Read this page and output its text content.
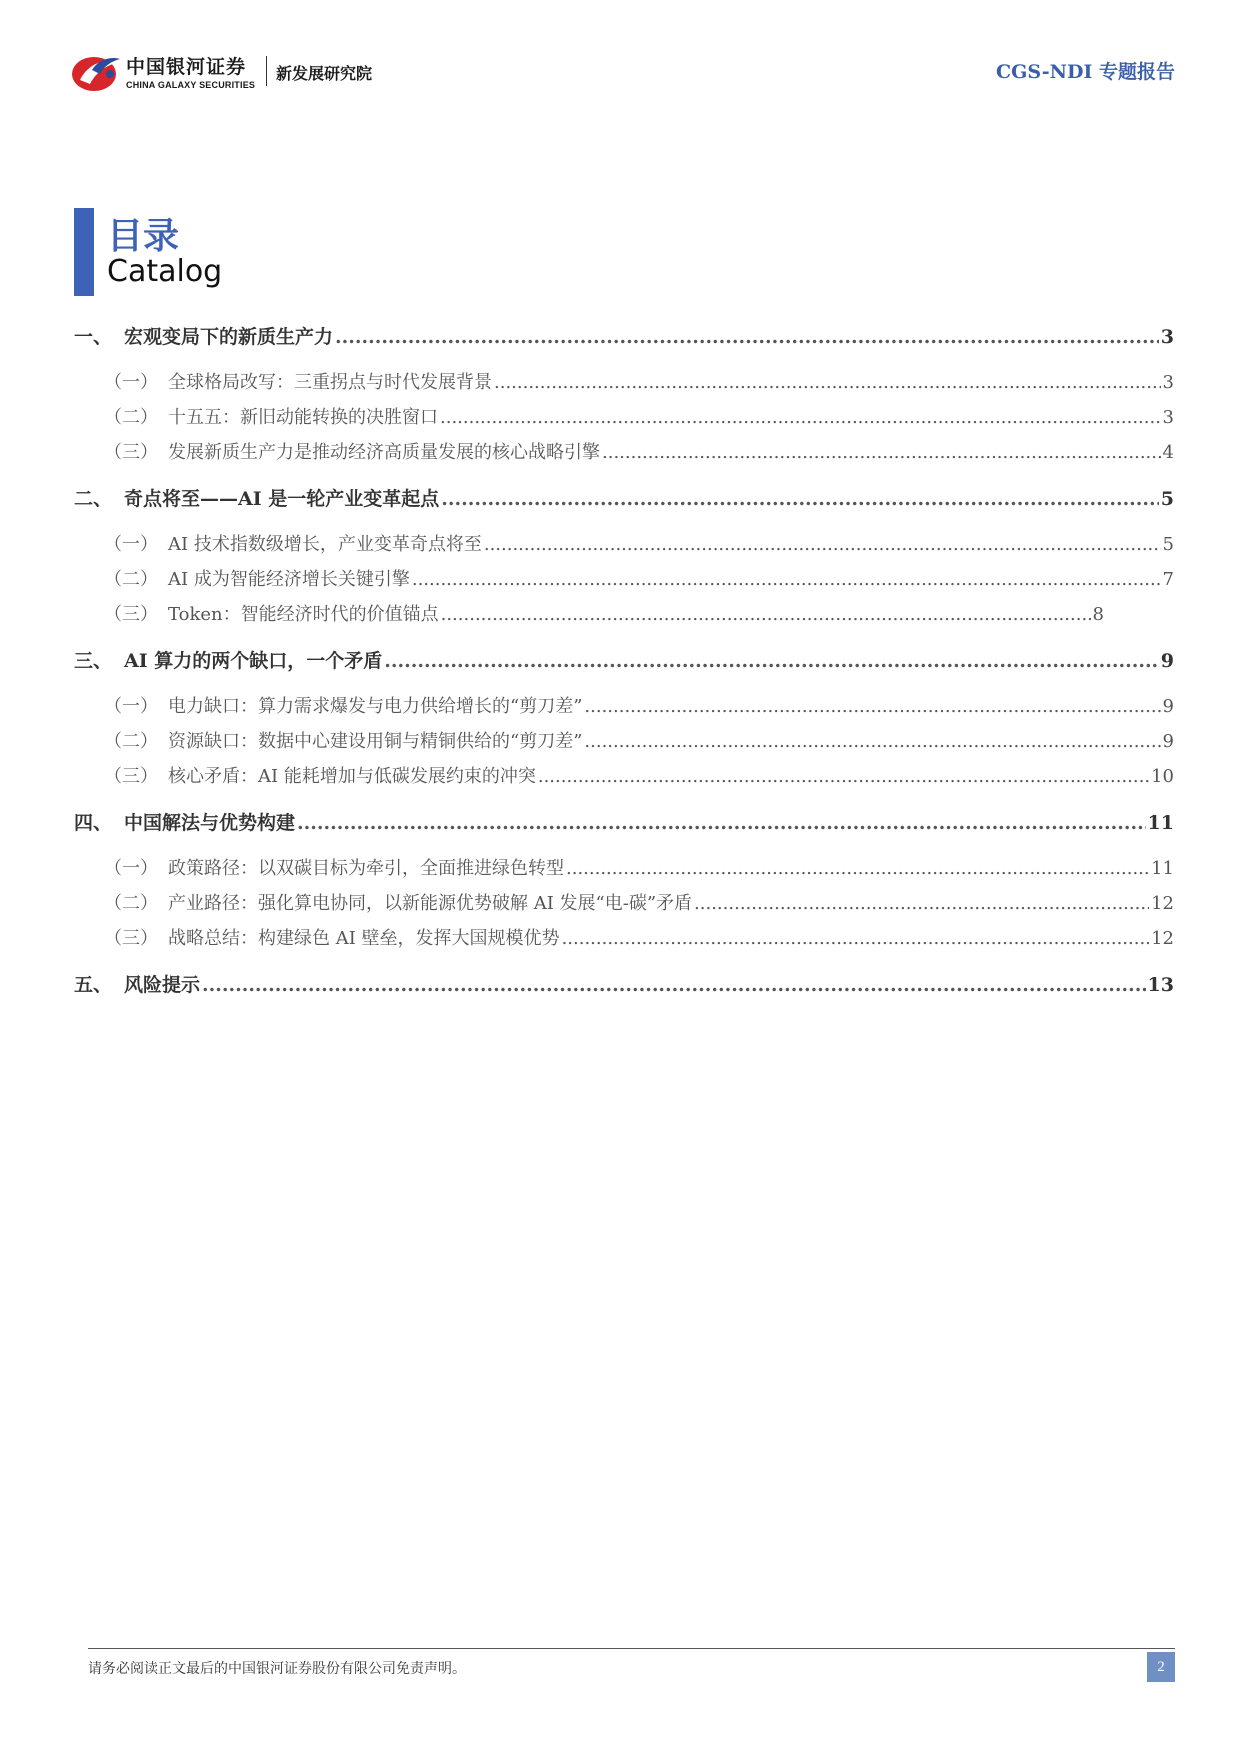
中国银河证券
CHINA GALAXY SECURITIES
新发展研究院	CGS-NDI 专题报告
目录
Catalog
一、 宏观变局下的新质生产力 .....	3
（一） 全球格局改写：三重拐点与时代发展背景 .....	3
（二） 十五五：新旧动能转换的决胜窗口 .....	3
（三） 发展新质生产力是推动经济高质量发展的核心战略引擎 .....	4
二、 奇点将至——AI 是一轮产业变革起点 .....	5
（一） AI 技术指数级增长，产业变革奇点将至 .....	5
（二） AI 成为智能经济增长关键引擎 .....	7
（三） Token：智能经济时代的价值锚点 .....	8
三、 AI 算力的两个缺口，一个矛盾 .....	9
（一） 电力缺口：算力需求爆发与电力供给增长的“剪刀差” .....	9
（二） 资源缺口：数据中心建设用铜与精铜供给的“剪刀差” .....	9
（三） 核心矛盾：AI 能耗增加与低碳发展约束的冲突 .....	10
四、 中国解法与优势构建 .....	11
（一） 政策路径：以双碳目标为牵引，全面推进绿色转型 .....	11
（二） 产业路径：强化算电协同，以新能源优势破解 AI 发展“电-碳”矛盾 .....	12
（三） 战略总结：构建绿色 AI 壁垒，发挥大国规模优势 .....	12
五、 风险提示 .....	13
请务必阅读正文最后的中国银河证券股份有限公司免责声明。	2
